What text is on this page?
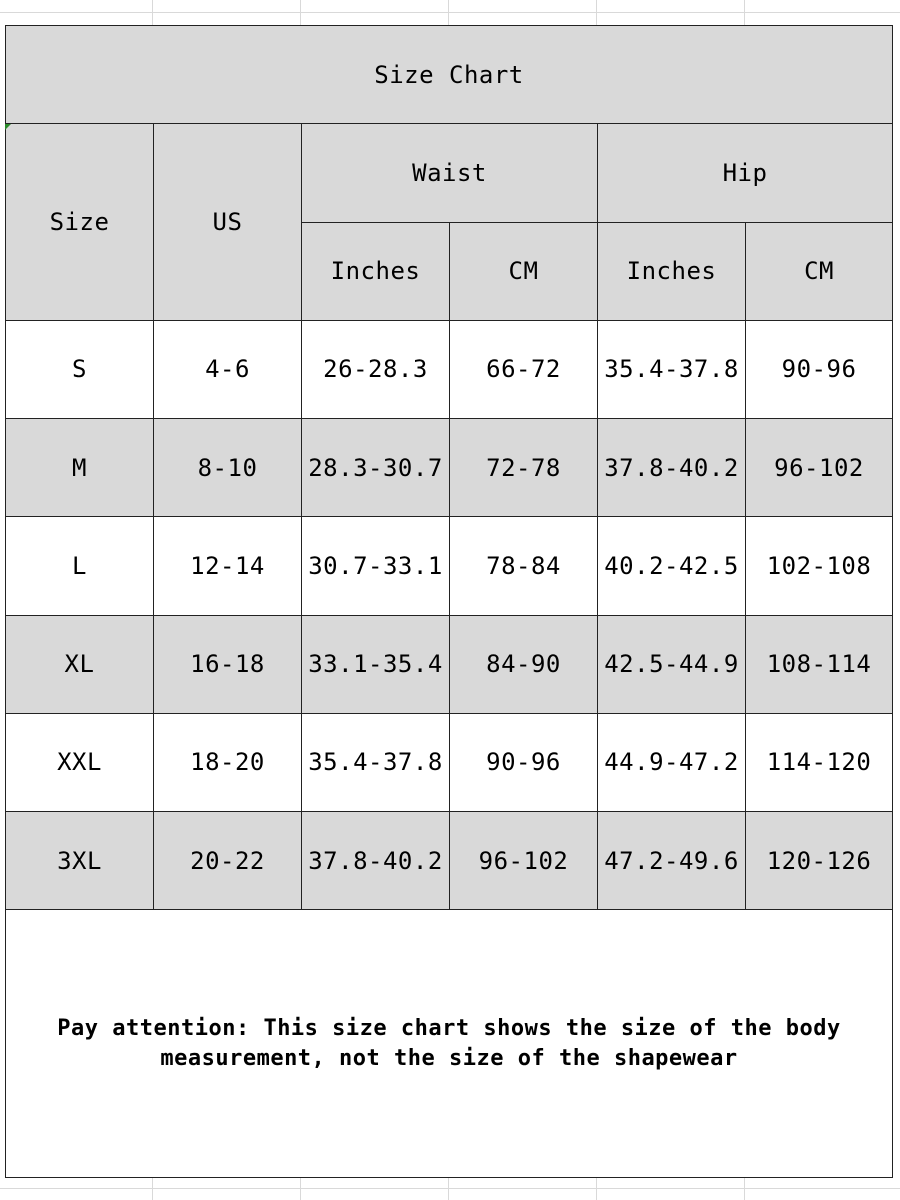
Size Chart					
Size	US	Waist		Hip	
		Inches	CM	Inches	CM
S	4-6	26-28.3	66-72	35.4-37.8	90-96
M	8-10	28.3-30.7	72-78	37.8-40.2	96-102
L	12-14	30.7-33.1	78-84	40.2-42.5	102-108
XL	16-18	33.1-35.4	84-90	42.5-44.9	108-114
XXL	18-20	35.4-37.8	90-96	44.9-47.2	114-120
3XL	20-22	37.8-40.2	96-102	47.2-49.6	120-126

Pay attention: This size chart shows the size of the body measurement, not the size of the shapewear					
